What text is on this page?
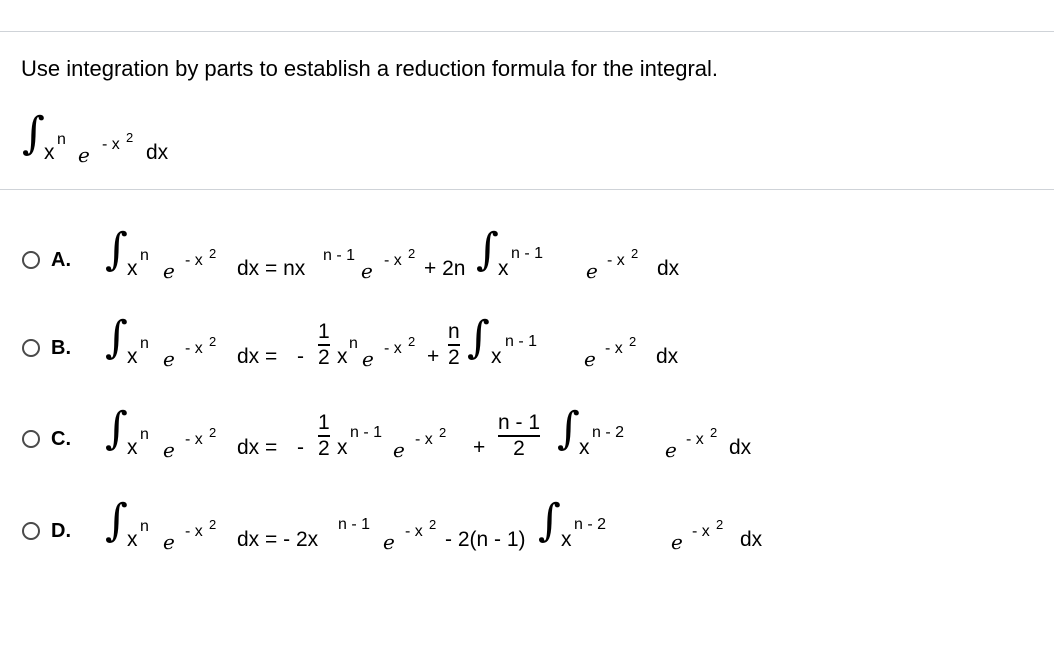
Use integration by parts to establish a reduction formula for the integral.
∫ x
n
e - x 2
dx
A. ∫ x
n
e - x 2
dx = nx
n - 1
e - x 2
+ 2n ∫ x
n - 1
e - x 2
dx
B. ∫ x
n
e - x 2
dx = -
1
2 x
n
e - x 2
+
n
2 ∫ x
n - 1
e - x 2
dx
C. ∫ x
n
e - x 2
dx = -
1
2 x
n - 1
e - x 2
+
n - 1
2 ∫ x
n - 2
e - x 2
dx
D. ∫ x
n
e - x 2
dx = - 2x
n - 1
e - x 2
- 2(n - 1) ∫ x
n - 2
e - x 2
dx
